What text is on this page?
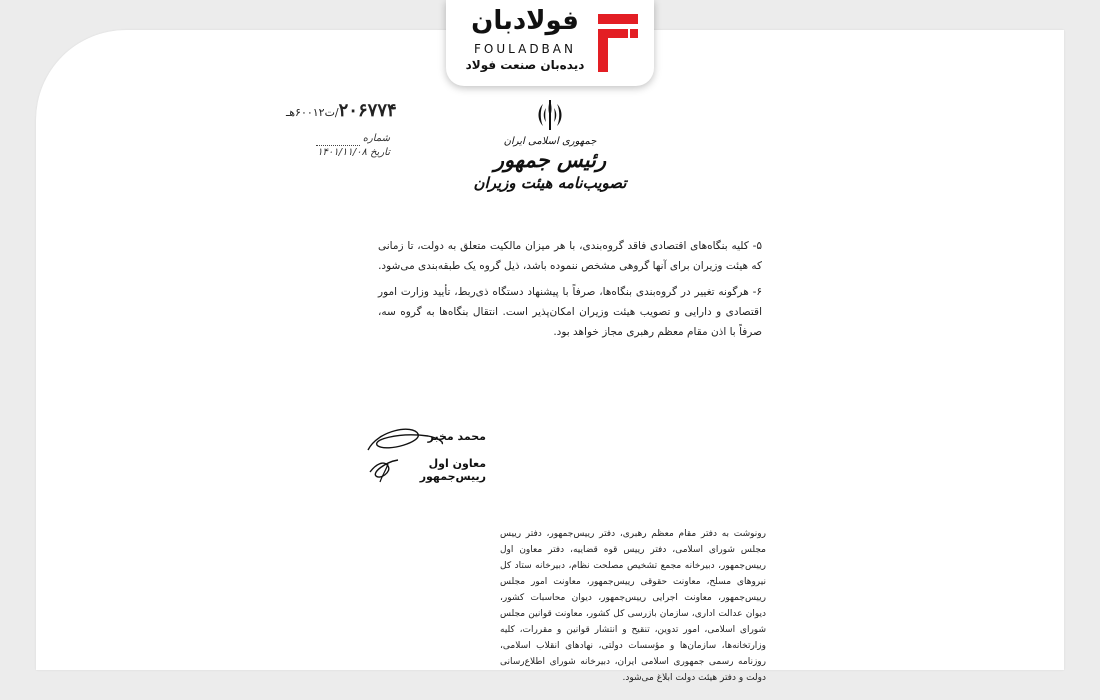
فولادبان
FOULADBAN
دیده‌بان صنعت فولاد
۲۰۶۷۷۴/ت۶۰۰۱۲هـ
شماره
تاریخ ۱۴۰۱/۱۱/۰۸
جمهوری اسلامی ایران
رئیس جمهور
تصویب‌نامه هیئت وزیران

۵- کلیه بنگاه‌های اقتصادی فاقد گروه‌بندی، با هر میزان مالکیت متعلق به دولت، تا زمانی که هیئت وزیران برای آنها گروهی مشخص ننموده باشد، ذیل گروه یک طبقه‌بندی می‌شود.

۶- هرگونه تغییر در گروه‌بندی بنگاه‌ها، صرفاً با پیشنهاد دستگاه ذی‌ربط، تأیید وزارت امور اقتصادی و دارایی و تصویب هیئت وزیران امکان‌پذیر است. انتقال بنگاه‌ها به گروه سه، صرفاً با اذن مقام معظم رهبری مجاز خواهد بود.

محمد مخبر
معاون اول رییس‌جمهور
رونوشت به دفتر مقام معظم رهبری، دفتر رییس‌جمهور، دفتر رییس مجلس شورای اسلامی، دفتر رییس قوه قضاییه، دفتر معاون اول رییس‌جمهور، دبیرخانه مجمع تشخیص مصلحت نظام، دبیرخانه ستاد کل نیروهای مسلح، معاونت حقوقی رییس‌جمهور، معاونت امور مجلس رییس‌جمهور، معاونت اجرایی رییس‌جمهور، دیوان محاسبات کشور، دیوان عدالت اداری، سازمان بازرسی کل کشور، معاونت قوانین مجلس شورای اسلامی، امور تدوین، تنقیح و انتشار قوانین و مقررات، کلیه وزارتخانه‌ها، سازمان‌ها و مؤسسات دولتی، نهادهای انقلاب اسلامی، روزنامه رسمی جمهوری اسلامی ایران، دبیرخانه شورای اطلاع‌رسانی دولت و دفتر هیئت دولت ابلاغ می‌شود.
